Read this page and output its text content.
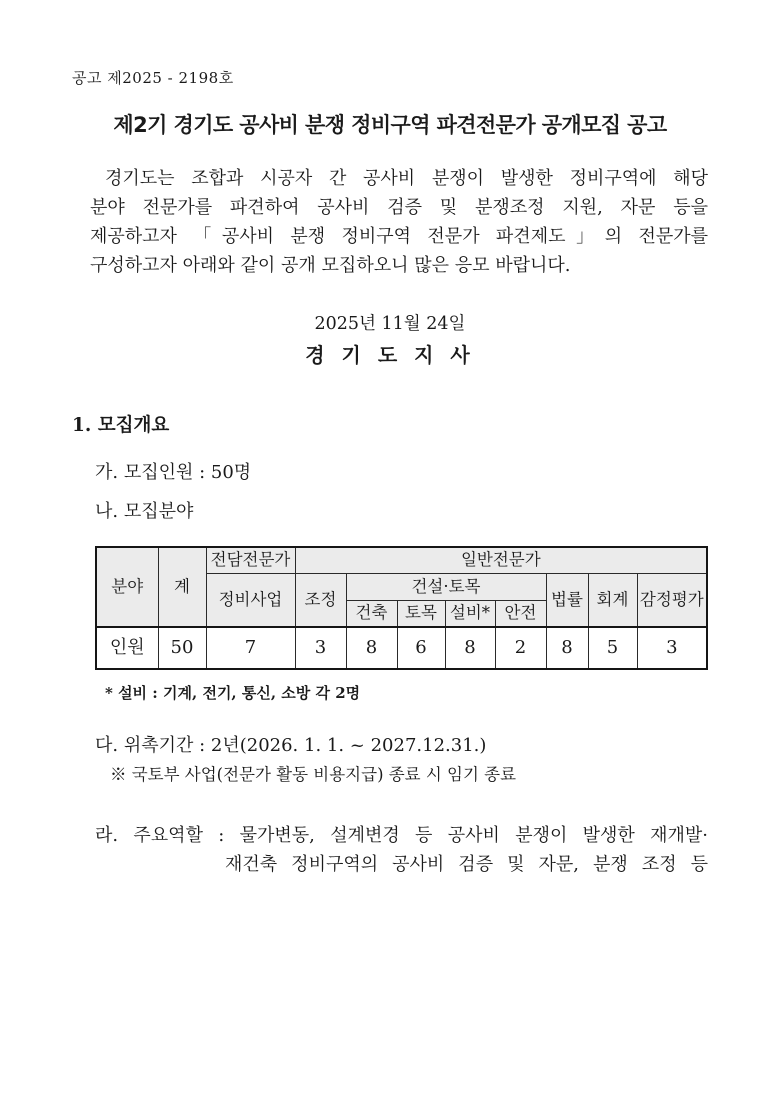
공고 제2025 - 2198호
제2기 경기도 공사비 분쟁 정비구역 파견전문가 공개모집 공고
경기도는 조합과 시공자 간 공사비 분쟁이 발생한 정비구역에 해당
분야 전문가를 파견하여 공사비 검증 및 분쟁조정 지원, 자문 등을
제공하고자 「공사비 분쟁 정비구역 전문가 파견제도」의 전문가를
구성하고자 아래와 같이 공개 모집하오니 많은 응모 바랍니다.
2025년 11월 24일
경 기 도 지 사
1. 모집개요
가. 모집인원 : 50명
나. 모집분야
분야	계	전담전문가	일반전문가							
		정비사업	조정	건설·토목				법률	회계	감정평가
				건축	토목	설비*	안전			
인원	50	7	3	8	6	8	2	8	5	3
* 설비 : 기계, 전기, 통신, 소방 각 2명
다. 위촉기간 : 2년(2026. 1. 1. ~ 2027.12.31.)
※ 국토부 사업(전문가 활동 비용지급) 종료 시 임기 종료
라. 주요역할 : 물가변동, 설계변경 등 공사비 분쟁이 발생한 재개발·
재건축 정비구역의 공사비 검증 및 자문, 분쟁 조정 등
